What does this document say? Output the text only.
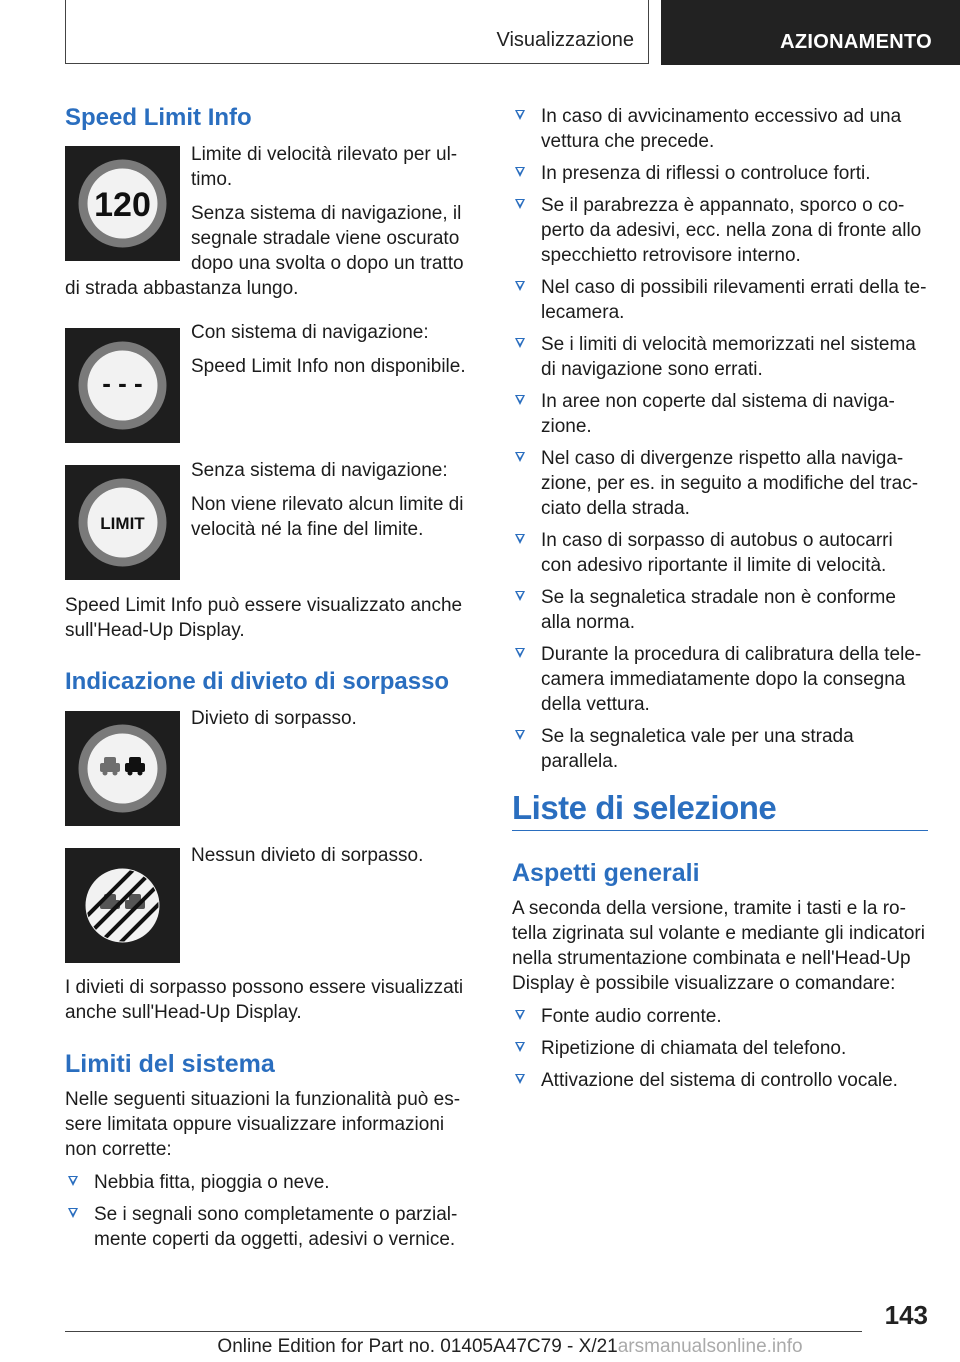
Visualizzazione	AZIONAMENTO
Speed Limit Info
120

Limite di velocità rilevato per ul-timo.

Senza sistema di navigazione, il segnale stradale viene oscurato dopo una svolta o dopo un tratto di strada abbastanza lungo.

- - -
Con sistema di navigazione:
Speed Limit Info non disponibile.
LIMIT
Senza sistema di navigazione:
Non viene rilevato alcun limite di velocità né la fine del limite.

Speed Limit Info può essere visualizzato anche sull'Head-Up Display.

Indicazione di divieto di sorpasso
Divieto di sorpasso.
Nessun divieto di sorpasso.

I divieti di sorpasso possono essere visualizzati anche sull'Head-Up Display.

Limiti del sistema

Nelle seguenti situazioni la funzionalità può es-sere limitata oppure visualizzare informazioni non corrette:

Nebbia fitta, pioggia o neve.
Se i segnali sono completamente o parzial-mente coperti da oggetti, adesivi o vernice.
In caso di avvicinamento eccessivo ad una vettura che precede.
In presenza di riflessi o controluce forti.
Se il parabrezza è appannato, sporco o co-perto da adesivi, ecc. nella zona di fronte allo specchietto retrovisore interno.
Nel caso di possibili rilevamenti errati della te-lecamera.
Se i limiti di velocità memorizzati nel sistema di navigazione sono errati.
In aree non coperte dal sistema di naviga-zione.
Nel caso di divergenze rispetto alla naviga-zione, per es. in seguito a modifiche del trac-ciato della strada.
In caso di sorpasso di autobus o autocarri con adesivo riportante il limite di velocità.
Se la segnaletica stradale non è conforme alla norma.
Durante la procedura di calibratura della tele-camera immediatamente dopo la consegna della vettura.
Se la segnaletica vale per una strada parallela.
Liste di selezione
Aspetti generali

A seconda della versione, tramite i tasti e la ro-tella zigrinata sul volante e mediante gli indicatori nella strumentazione combinata e nell'Head-Up Display è possibile visualizzare o comandare:

Fonte audio corrente.
Ripetizione di chiamata del telefono.
Attivazione del sistema di controllo vocale.
143
Online Edition for Part no. 01405A47C79 - X/21arsmanualsonline.info
